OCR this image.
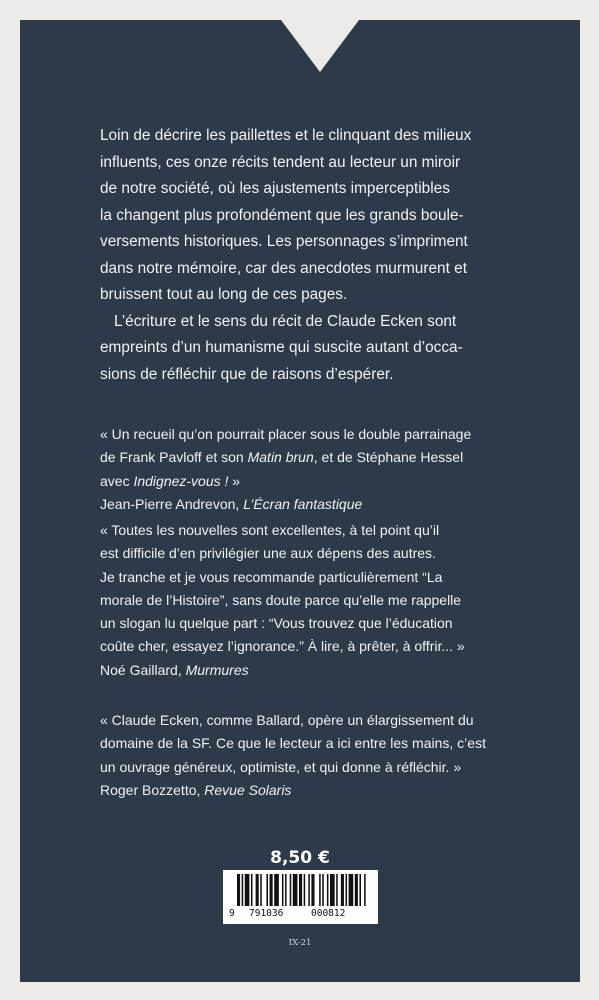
Loin de décrire les paillettes et le clinquant des milieux
influents, ces onze récits tendent au lecteur un miroir
de notre société, où les ajustements imperceptibles
la changent plus profondément que les grands boule-
versements historiques. Les personnages s’impriment
dans notre mémoire, car des anecdotes murmurent et
bruissent tout au long de ces pages.

L’écriture et le sens du récit de Claude Ecken sont
empreints d’un humanisme qui suscite autant d’occa-
sions de réfléchir que de raisons d’espérer.

« Un recueil qu’on pourrait placer sous le double parrainage
de Frank Pavloff et son Matin brun, et de Stéphane Hessel
avec Indignez-vous ! »
Jean-Pierre Andrevon, L’Écran fantastique
« Toutes les nouvelles sont excellentes, à tel point qu’il
est difficile d’en privilégier une aux dépens des autres.
Je tranche et je vous recommande particulièrement “La
morale de l’Histoire”, sans doute parce qu’elle me rappelle
un slogan lu quelque part : “Vous trouvez que l’éducation
coûte cher, essayez l’ignorance.” À lire, à prêter, à offrir... »
Noé Gaillard, Murmures
« Claude Ecken, comme Ballard, opère un élargissement du
domaine de la SF. Ce que le lecteur a ici entre les mains, c’est
un ouvrage généreux, optimiste, et qui donne à réfléchir. »
Roger Bozzetto, Revue Solaris
8,50 €
9 791036	000812
IX-21
